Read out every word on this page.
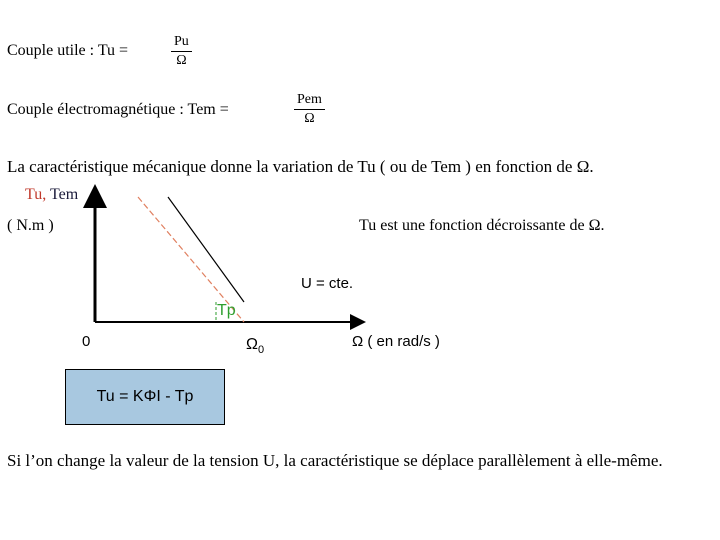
Couple utile : Tu =
Pu
Ω
Couple électromagnétique : Tem =
Pem
Ω
La caractéristique mécanique donne la variation de Tu ( ou de Tem ) en fonction de Ω.
Tu, Tem
( N.m )	Tu est une fonction décroissante de Ω.
U = cte.
Tp
0	$\Omega_0$
Ω ( en rad/s )
Tu = KΦI - Tp
Si l’on change la valeur de la tension U, la caractéristique se déplace parallèlement à elle-même.
